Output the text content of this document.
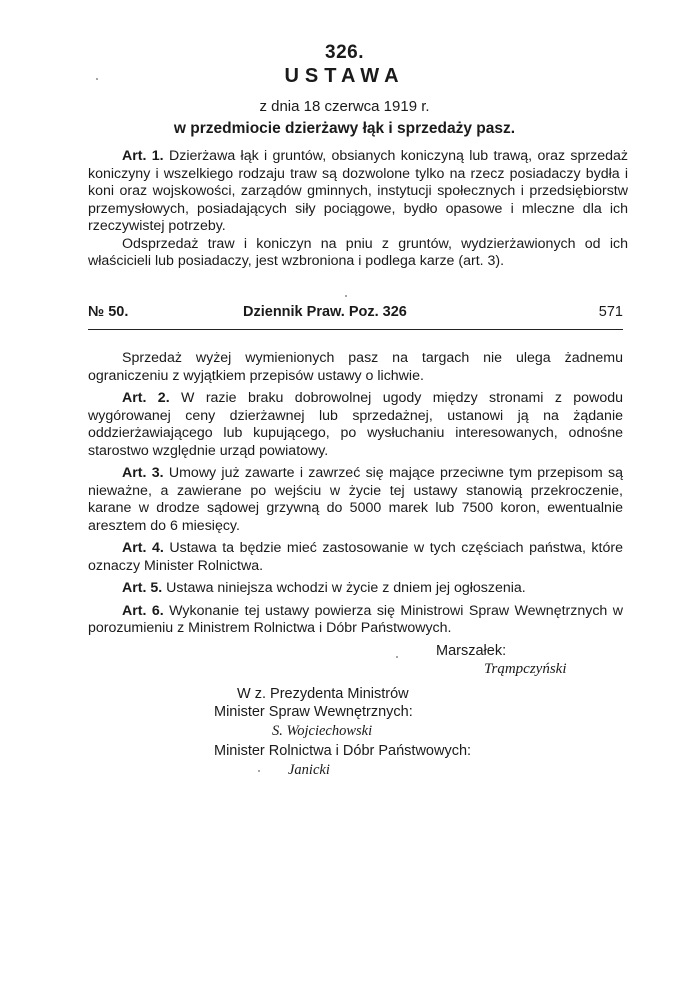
326.
USTAWA
z dnia 18 czerwca 1919 r.
w przedmiocie dzierżawy łąk i sprzedaży pasz.

Art. 1. Dzierżawa łąk i gruntów, obsianych koniczyną lub trawą, oraz sprzedaż koniczyny i wszelkiego rodzaju traw są dozwolone tylko na rzecz posiadaczy bydła i koni oraz wojskowości, zarządów gminnych, instytucji społecznych i przedsiębiorstw przemysłowych, posiadających siły pociągowe, bydło opasowe i mleczne dla ich rzeczywistej potrzeby.

Odsprzedaż traw i koniczyn na pniu z gruntów, wydzierżawionych od ich właścicieli lub posiadaczy, jest wzbroniona i podlega karze (art. 3).

№ 50.	Dziennik Praw. Poz. 326	571

Sprzedaż wyżej wymienionych pasz na targach nie ulega żadnemu ograniczeniu z wyjątkiem przepisów ustawy o lichwie.

Art. 2. W razie braku dobrowolnej ugody między stronami z powodu wygórowanej ceny dzierżawnej lub sprzedażnej, ustanowi ją na żądanie oddzierżawiającego lub kupującego, po wysłuchaniu interesowanych, odnośne starostwo względnie urząd powiatowy.

Art. 3. Umowy już zawarte i zawrzeć się mające przeciwne tym przepisom są nieważne, a zawierane po wejściu w życie tej ustawy stanowią przekroczenie, karane w drodze sądowej grzywną do 5000 marek lub 7500 koron, ewentualnie aresztem do 6 miesięcy.

Art. 4. Ustawa ta będzie mieć zastosowanie w tych częściach państwa, które oznaczy Minister Rolnictwa.

Art. 5. Ustawa niniejsza wchodzi w życie z dniem jej ogłoszenia.

Art. 6. Wykonanie tej ustawy powierza się Ministrowi Spraw Wewnętrznych w porozumieniu z Ministrem Rolnictwa i Dóbr Państwowych.

Marszałek:
Trąmpczyński
W z. Prezydenta Ministrów
Minister Spraw Wewnętrznych:
S. Wojciechowski
Minister Rolnictwa i Dóbr Państwowych:
Janicki
